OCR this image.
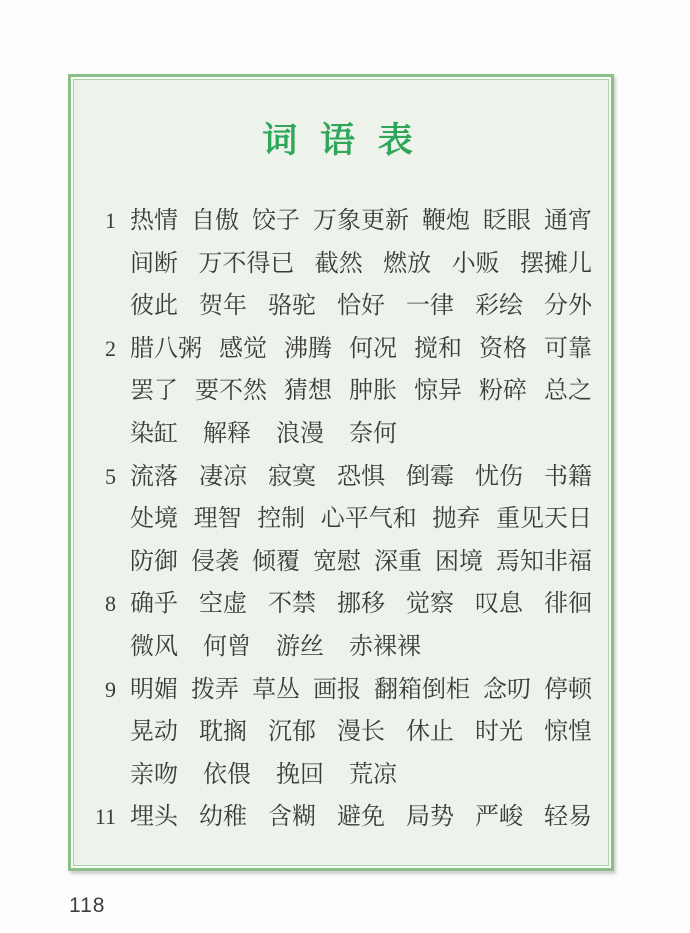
词 语 表
1 热情 自傲 饺子 万象更新 鞭炮 眨眼 通宵
间断 万不得已 截然 燃放 小贩 摆摊儿
彼此 贺年 骆驼 恰好 一律 彩绘 分外
2 腊八粥 感觉 沸腾 何况 搅和 资格 可靠
罢了 要不然 猜想 肿胀 惊异 粉碎 总之
染缸 解释 浪漫 奈何
5 流落 凄凉 寂寞 恐惧 倒霉 忧伤 书籍
处境 理智 控制 心平气和 抛弃 重见天日
防御 侵袭 倾覆 宽慰 深重 困境 焉知非福
8 确乎 空虚 不禁 挪移 觉察 叹息 徘徊
微风 何曾 游丝 赤裸裸
9 明媚 拨弄 草丛 画报 翻箱倒柜 念叨 停顿
晃动 耽搁 沉郁 漫长 休止 时光 惊惶
亲吻 依偎 挽回 荒凉
11 埋头 幼稚 含糊 避免 局势 严峻 轻易
118
